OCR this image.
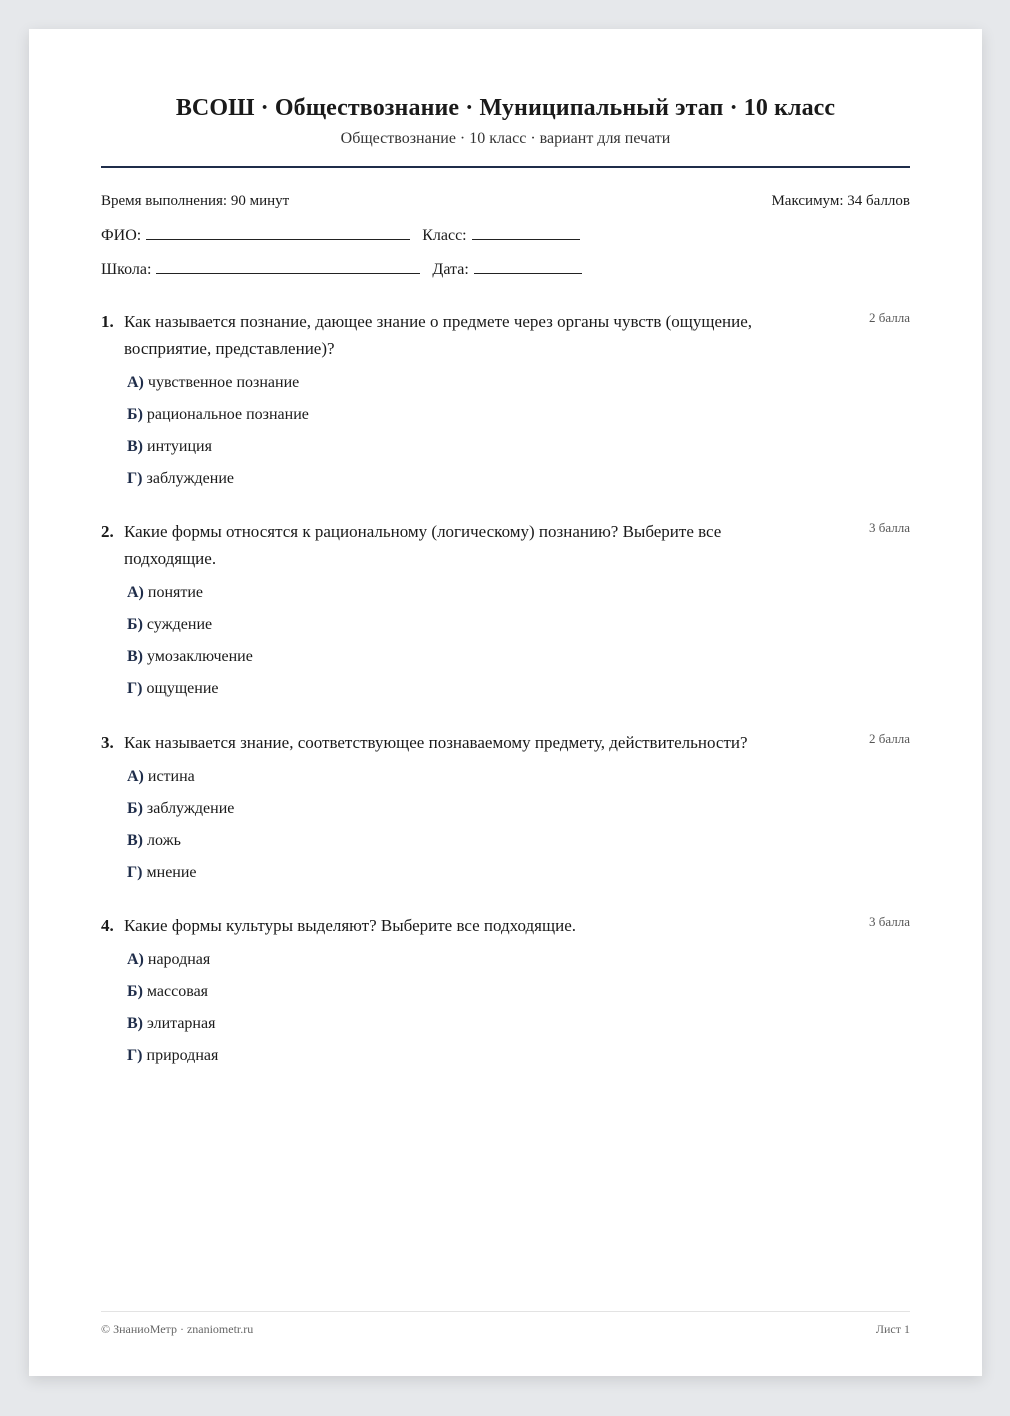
ВСОШ · Обществознание · Муниципальный этап · 10 класс
Обществознание · 10 класс · вариант для печати
Время выполнения: 90 минут	Максимум: 34 баллов
ФИО:	Класс:
Школа:	Дата:
1. Как называется познание, дающее знание о предмете через органы чувств (ощущение, восприятие, представление)?
2 балла
А) чувственное познание
Б) рациональное познание
В) интуиция
Г) заблуждение
2. Какие формы относятся к рациональному (логическому) познанию? Выберите все подходящие.
3 балла
А) понятие
Б) суждение
В) умозаключение
Г) ощущение
3. Как называется знание, соответствующее познаваемому предмету, действительности?	2 балла
А) истина
Б) заблуждение
В) ложь
Г) мнение
4. Какие формы культуры выделяют? Выберите все подходящие.	3 балла
А) народная
Б) массовая
В) элитарная
Г) природная
© ЗнаниоМетр · znaniometr.ru	Лист 1
